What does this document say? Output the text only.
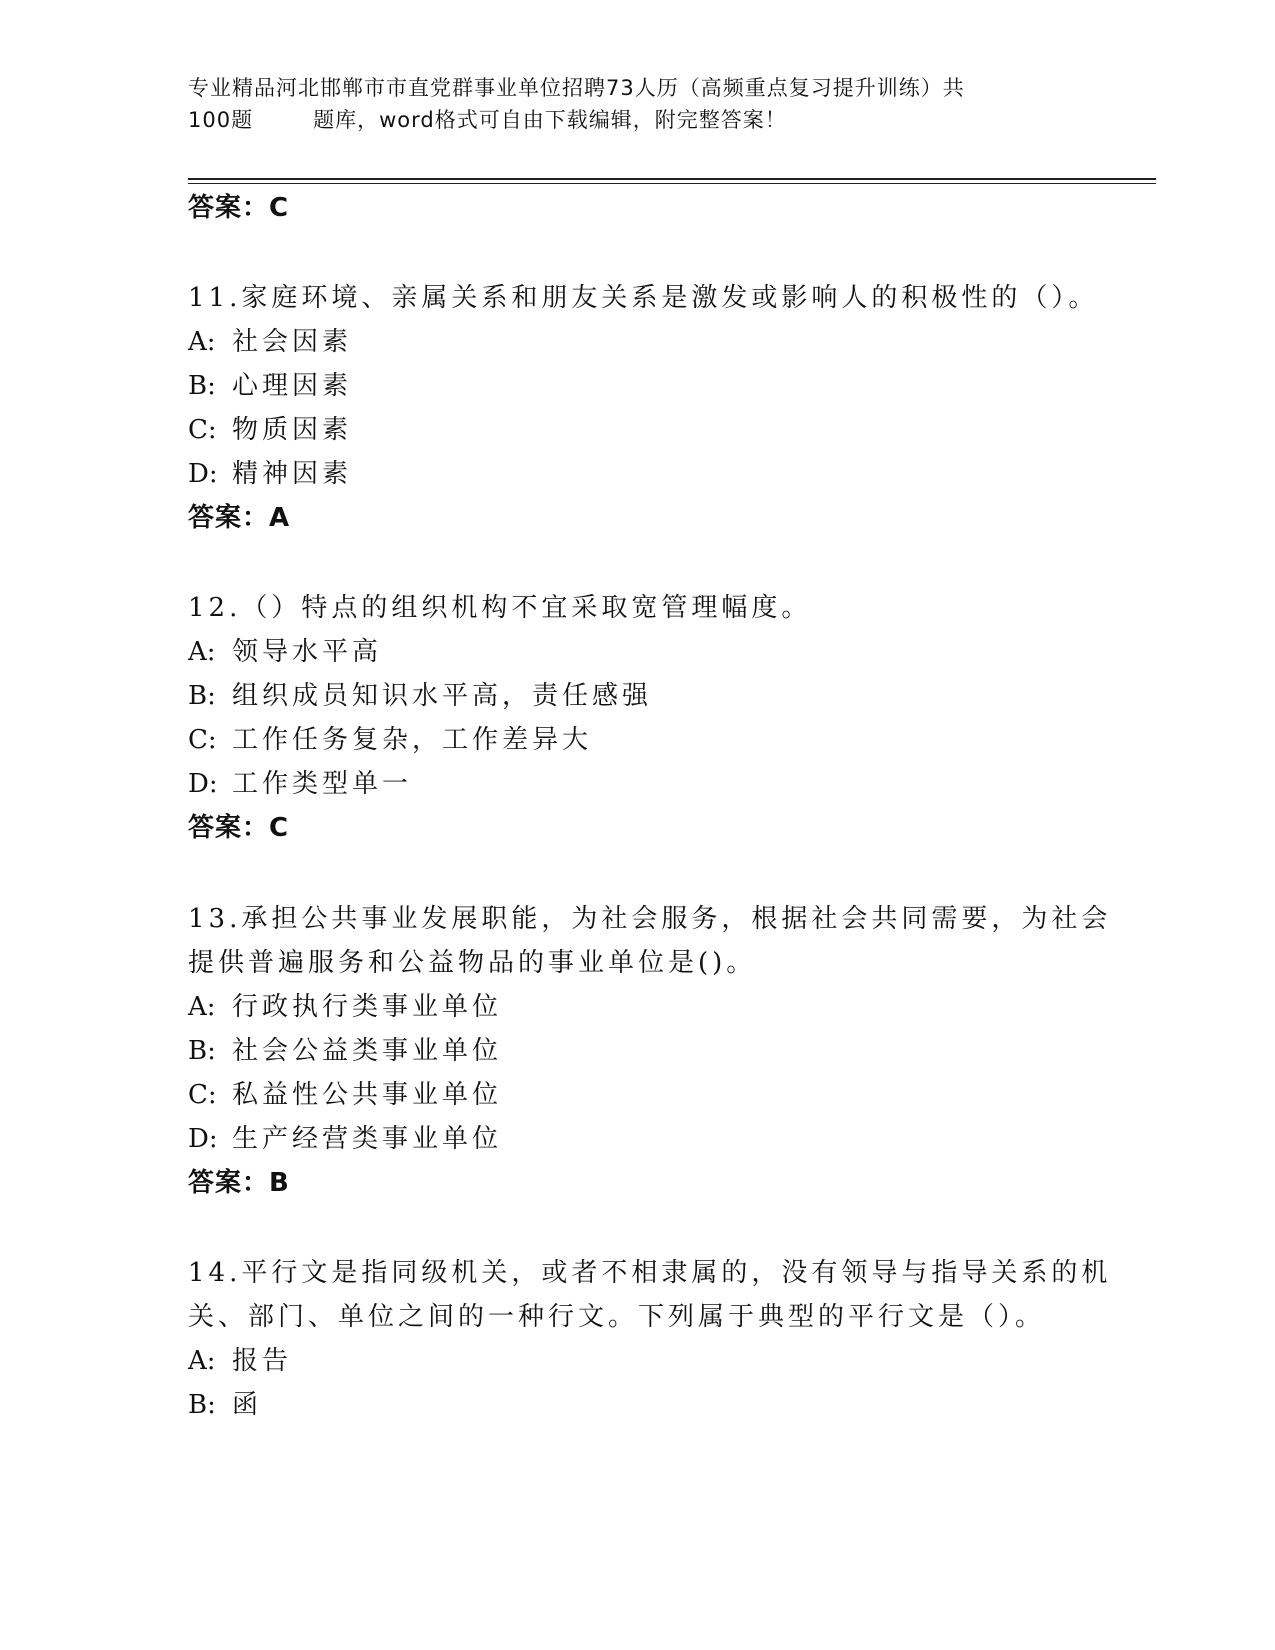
专业精品河北邯郸市市直党群事业单位招聘73人历（高频重点复习提升训练）共
100题	题库，word格式可自由下载编辑，附完整答案！
答案：C
11.家庭环境、亲属关系和朋友关系是激发或影响人的积极性的（）。
A: 社会因素
B: 心理因素
C: 物质因素
D: 精神因素
答案：A
12.（）特点的组织机构不宜采取宽管理幅度。
A: 领导水平高
B: 组织成员知识水平高，责任感强
C: 工作任务复杂，工作差异大
D: 工作类型单一
答案：C
13.承担公共事业发展职能，为社会服务，根据社会共同需要，为社会
提供普遍服务和公益物品的事业单位是()。
A: 行政执行类事业单位
B: 社会公益类事业单位
C: 私益性公共事业单位
D: 生产经营类事业单位
答案：B
14.平行文是指同级机关，或者不相隶属的，没有领导与指导关系的机
关、部门、单位之间的一种行文。下列属于典型的平行文是（）。
A: 报告
B: 函
